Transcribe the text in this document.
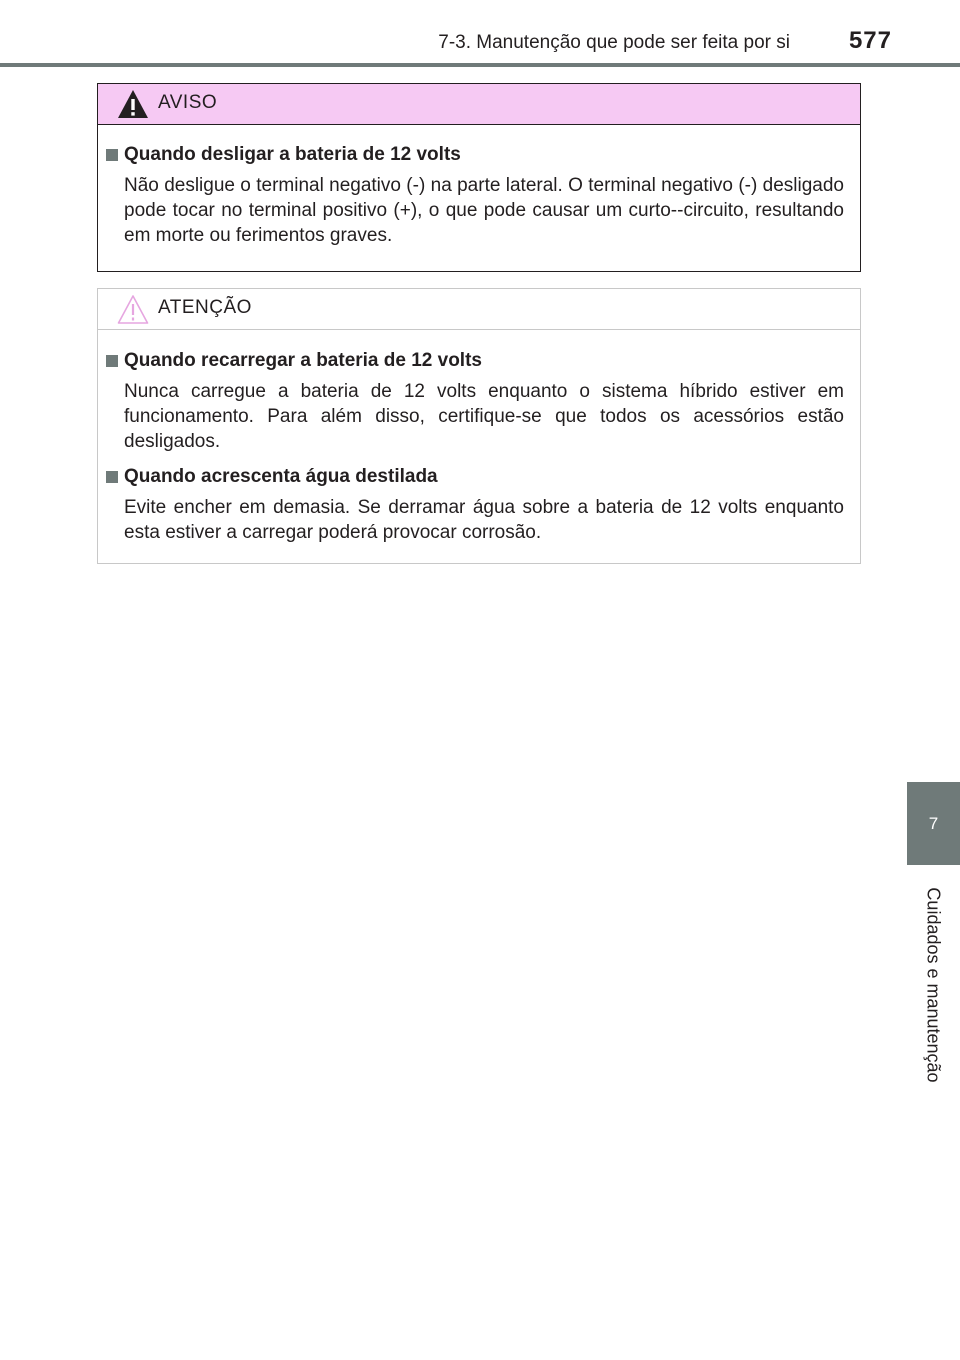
7-3. Manutenção que pode ser feita por si 577
7
Cuidados e manutenção
AVISO

Quando desligar a bateria de 12 volts

Não desligue o terminal negativo (-) na parte lateral. O terminal negativo (-) desligado pode tocar no terminal positivo (+), o que pode causar um curto--circuito, resultando em morte ou ferimentos graves.

ATENÇÃO

Quando recarregar a bateria de 12 volts

Nunca carregue a bateria de 12 volts enquanto o sistema híbrido estiver em funcionamento. Para além disso, certifique-se que todos os acessórios estão desligados.

Quando acrescenta água destilada

Evite encher em demasia. Se derramar água sobre a bateria de 12 volts enquanto esta estiver a carregar poderá provocar corrosão.
